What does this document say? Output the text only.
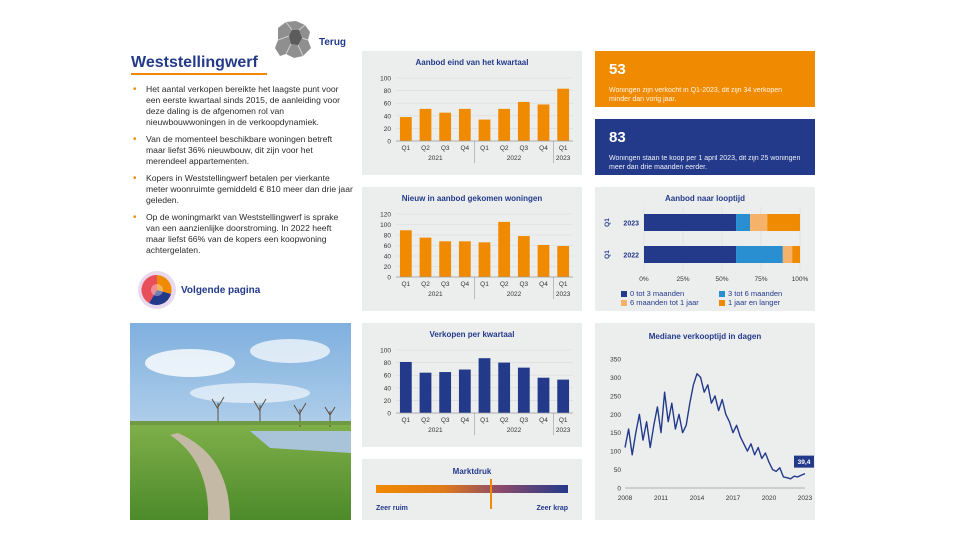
Terug
Weststellingwerf
• Het aantal verkopen bereikte het laagste punt voor een eerste kwartaal sinds 2015, de aanleiding voor deze daling is de afgenomen rol van nieuwbouwwoningen in de verkoopdynamiek.
• Van de momenteel beschikbare woningen betreft maar liefst 36% nieuwbouw, dit zijn voor het merendeel appartementen.
• Kopers in Weststellingwerf betalen per vierkante meter woonruimte gemiddeld € 810 meer dan drie jaar geleden.
• Op de woningmarkt van Weststellingwerf is sprake van een aanzienlijke doorstroming. In 2022 heeft maar liefst 66% van de kopers een koopwoning achtergelaten.
Volgende pagina
Aanbod eind van het kwartaal
0
20
40
60
80
100
Q1 Q2 Q3 Q4 Q1 Q2 Q3 Q4 Q1
2021	2022	2023
Nieuw in aanbod gekomen woningen
0
20
40
60
80
100
120
Q1 Q2 Q3 Q4 Q1 Q2 Q3 Q4 Q1
2021	2022	2023
Verkopen per kwartaal
0
20
40
60
80
100
Q1 Q2 Q3 Q4 Q1 Q2 Q3 Q4 Q1
2021	2022	2023
Marktdruk
Zeer ruim	Zeer krap
53
Woningen zijn verkocht in Q1-2023, dit zijn 34 verkopen minder dan vorig jaar.
83
Woningen staan te koop per 1 april 2023, dit zijn 25 woningen meer dan drie maanden eerder.
Aanbod naar looptijd
0%	25%	50%	75%	100%
2023
Q1
2022
Q1
0 tot 3 maanden	3 tot 6 maanden
6 maanden tot 1 jaar	1 jaar en langer
Mediane verkooptijd in dagen
0
50
100
150
200
250
300
350
2008	2011	2014	2017	2020	2023
39,4
